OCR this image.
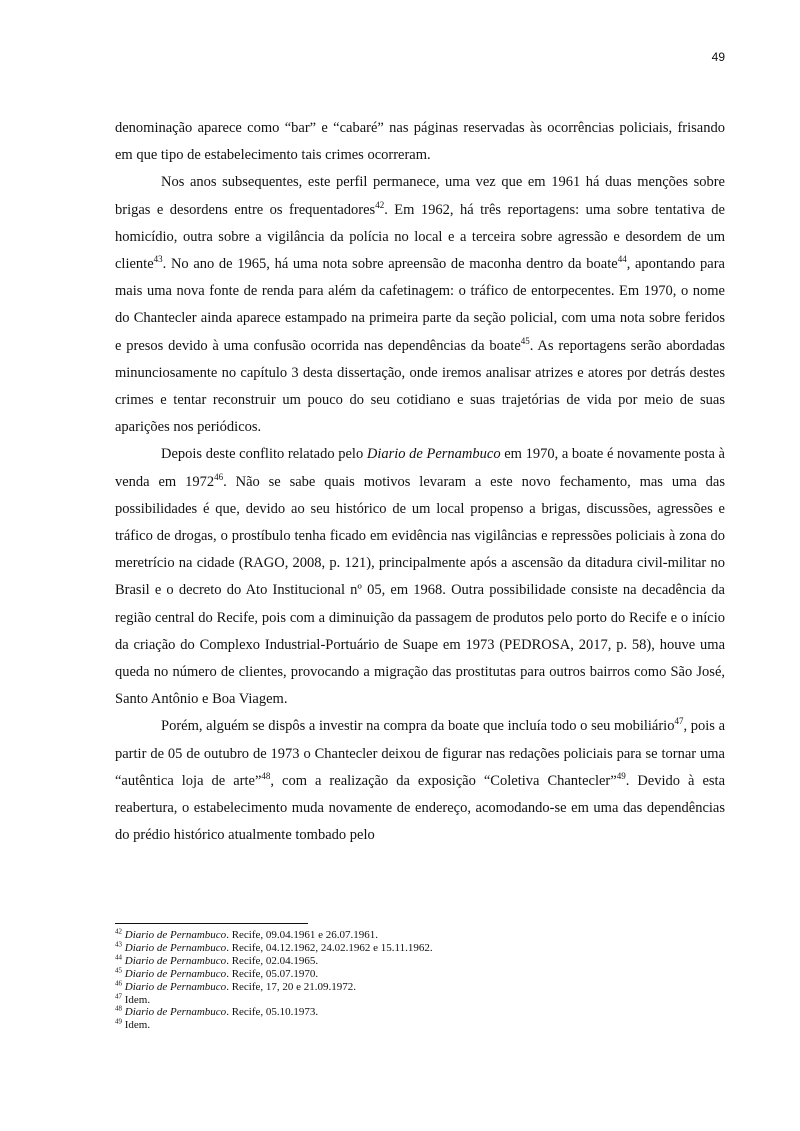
49

denominação aparece como “bar” e “cabaré” nas páginas reservadas às ocorrências policiais, frisando em que tipo de estabelecimento tais crimes ocorreram.

Nos anos subsequentes, este perfil permanece, uma vez que em 1961 há duas menções sobre brigas e desordens entre os frequentadores$^{42}$. Em 1962, há três reportagens: uma sobre tentativa de homicídio, outra sobre a vigilância da polícia no local e a terceira sobre agressão e desordem de um cliente$^{43}$. No ano de 1965, há uma nota sobre apreensão de maconha dentro da boate$^{44}$, apontando para mais uma nova fonte de renda para além da cafetinagem: o tráfico de entorpecentes. Em 1970, o nome do Chantecler ainda aparece estampado na primeira parte da seção policial, com uma nota sobre feridos e presos devido à uma confusão ocorrida nas dependências da boate$^{45}$. As reportagens serão abordadas minunciosamente no capítulo 3 desta dissertação, onde iremos analisar atrizes e atores por detrás destes crimes e tentar reconstruir um pouco do seu cotidiano e suas trajetórias de vida por meio de suas aparições nos periódicos.

Depois deste conflito relatado pelo Diario de Pernambuco em 1970, a boate é novamente posta à venda em 1972$^{46}$. Não se sabe quais motivos levaram a este novo fechamento, mas uma das possibilidades é que, devido ao seu histórico de um local propenso a brigas, discussões, agressões e tráfico de drogas, o prostíbulo tenha ficado em evidência nas vigilâncias e repressões policiais à zona do meretrício na cidade (RAGO, 2008, p. 121), principalmente após a ascensão da ditadura civil-militar no Brasil e o decreto do Ato Institucional nº 05, em 1968. Outra possibilidade consiste na decadência da região central do Recife, pois com a diminuição da passagem de produtos pelo porto do Recife e o início da criação do Complexo Industrial-Portuário de Suape em 1973 (PEDROSA, 2017, p. 58), houve uma queda no número de clientes, provocando a migração das prostitutas para outros bairros como São José, Santo Antônio e Boa Viagem.

Porém, alguém se dispôs a investir na compra da boate que incluía todo o seu mobiliário$^{47}$, pois a partir de 05 de outubro de 1973 o Chantecler deixou de figurar nas redações policiais para se tornar uma “autêntica loja de arte”$^{48}$, com a realização da exposição “Coletiva Chantecler”$^{49}$. Devido à esta reabertura, o estabelecimento muda novamente de endereço, acomodando-se em uma das dependências do prédio histórico atualmente tombado pelo

$^{42}$ Diario de Pernambuco. Recife, 09.04.1961 e 26.07.1961.
$^{43}$ Diario de Pernambuco. Recife, 04.12.1962, 24.02.1962 e 15.11.1962.
$^{44}$ Diario de Pernambuco. Recife, 02.04.1965.
$^{45}$ Diario de Pernambuco. Recife, 05.07.1970.
$^{46}$ Diario de Pernambuco. Recife, 17, 20 e 21.09.1972.
$^{47}$ Idem.
$^{48}$ Diario de Pernambuco. Recife, 05.10.1973.
$^{49}$ Idem.
